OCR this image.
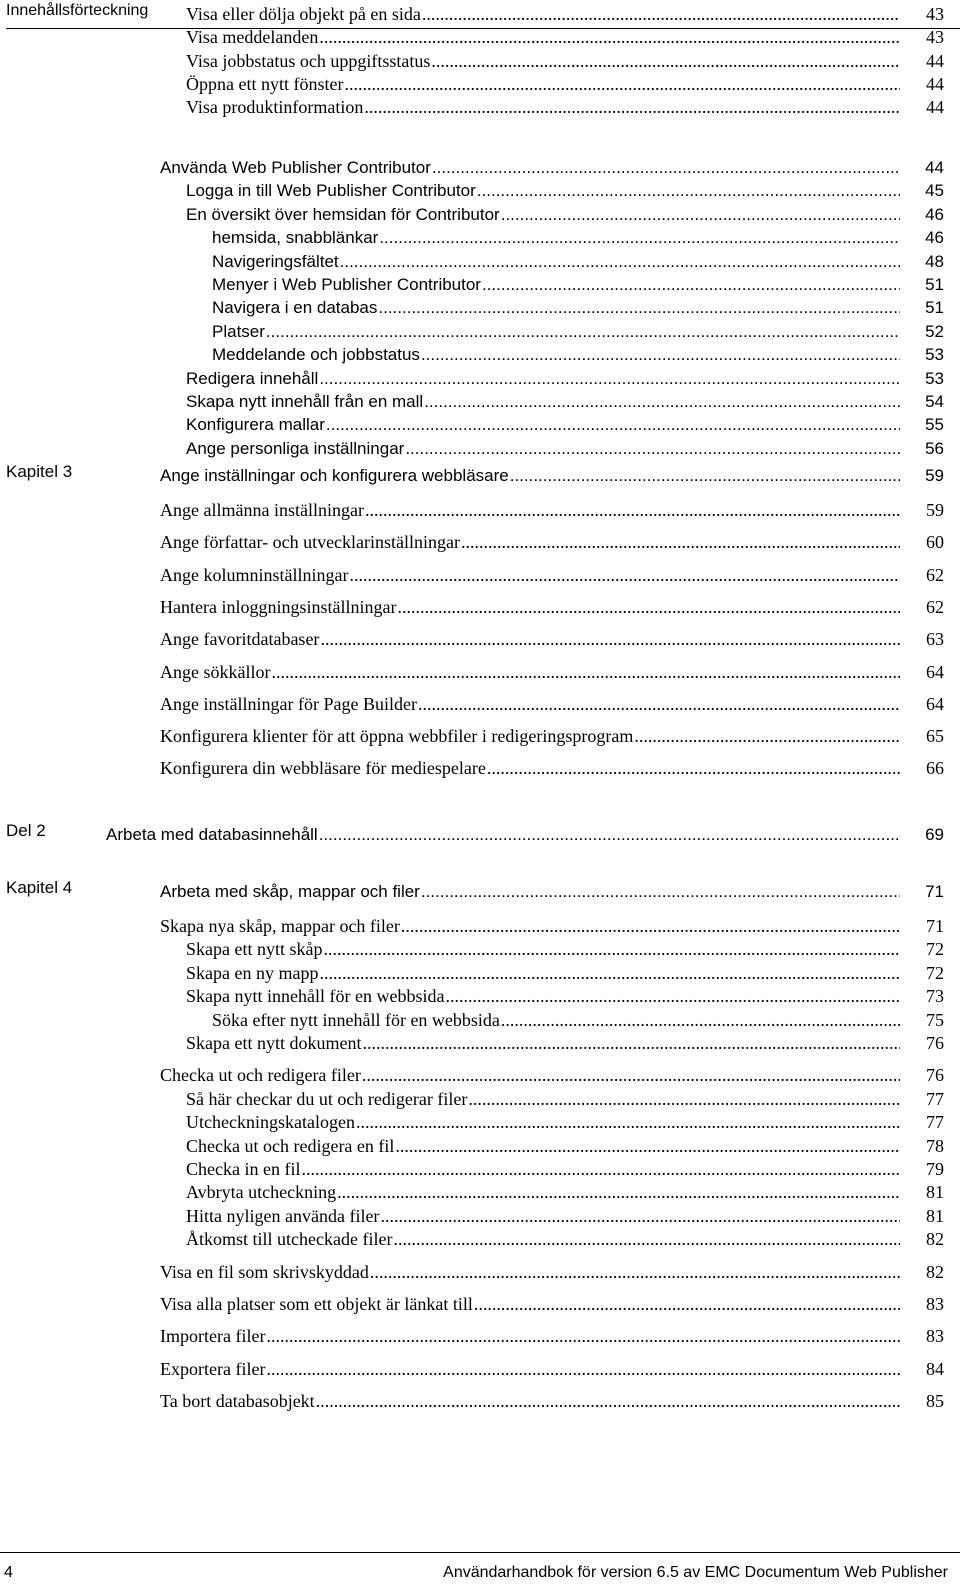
Innehållsförteckning Visa eller dölja objekt på en sida .....	43
Visa meddelanden .....	43
Visa jobbstatus och uppgiftsstatus .....	44
Öppna ett nytt fönster .....	44
Visa produktinformation .....	44
Använda Web Publisher Contributor .....	44
Logga in till Web Publisher Contributor .....	45
En översikt över hemsidan för Contributor .....	46
hemsida, snabblänkar .....	46
Navigeringsfältet .....	48
Menyer i Web Publisher Contributor .....	51
Navigera i en databas .....	51
Platser .....	52
Meddelande och jobbstatus .....	53
Redigera innehåll .....	53
Skapa nytt innehåll från en mall .....	54
Konfigurera mallar .....	55
Ange personliga inställningar .....	56
Kapitel 3	Ange inställningar och konfigurera webbläsare .....	59
Ange allmänna inställningar .....	59
Ange författar- och utvecklarinställningar .....	60
Ange kolumninställningar .....	62
Hantera inloggningsinställningar .....	62
Ange favoritdatabaser .....	63
Ange sökkällor .....	64
Ange inställningar för Page Builder .....	64
Konfigurera klienter för att öppna webbfiler i redigeringsprogram .....	65
Konfigurera din webbläsare för mediespelare .....	66
Del 2	Arbeta med databasinnehåll .....	69
Kapitel 4	Arbeta med skåp, mappar och filer .....	71
Skapa nya skåp, mappar och filer .....	71
Skapa ett nytt skåp .....	72
Skapa en ny mapp .....	72
Skapa nytt innehåll för en webbsida .....	73
Söka efter nytt innehåll för en webbsida .....	75
Skapa ett nytt dokument .....	76
Checka ut och redigera filer .....	76
Så här checkar du ut och redigerar filer .....	77
Utcheckningskatalogen .....	77
Checka ut och redigera en fil .....	78
Checka in en fil .....	79
Avbryta utcheckning .....	81
Hitta nyligen använda filer .....	81
Åtkomst till utcheckade filer .....	82
Visa en fil som skrivskyddad .....	82
Visa alla platser som ett objekt är länkat till .....	83
Importera filer .....	83
Exportera filer .....	84
Ta bort databasobjekt .....	85
4	Användarhandbok för version 6.5 av EMC Documentum Web Publisher
